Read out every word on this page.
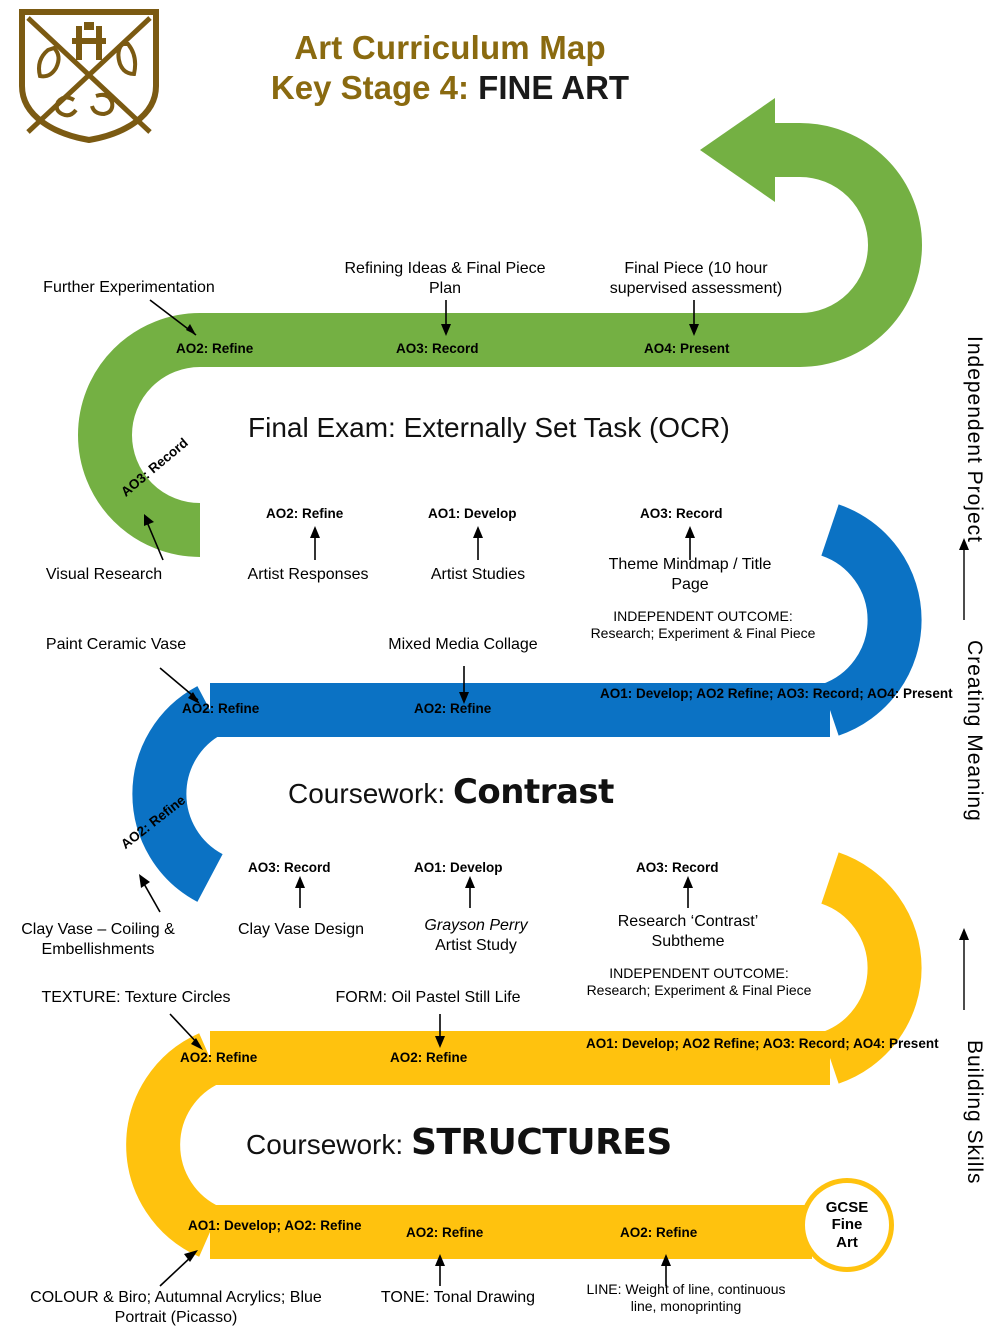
Art Curriculum Map
Key Stage 4: FINE ART
AO2: Refine	AO3: Record	AO4: Present
Further Experimentation
Refining Ideas & Final Piece Plan
Final Piece (10 hour supervised assessment)
Final Exam: Externally Set Task (OCR)
AO3: Record
Visual Research
AO2: Refine	AO1: Develop	AO3: Record
Artist Responses	Artist Studies
Theme Mindmap / Title Page
INDEPENDENT OUTCOME: Research; Experiment & Final Piece
Paint Ceramic Vase	Mixed Media Collage
AO2: Refine	AO2: Refine
AO1: Develop; AO2 Refine; AO3: Record; AO4: Present
Coursework: Contrast
AO2: Refine
Clay Vase – Coiling & Embellishments
AO3: Record	AO1: Develop	AO3: Record
Clay Vase Design	Grayson Perry
Artist Study
Research ‘Contrast’ Subtheme
INDEPENDENT OUTCOME: Research; Experiment & Final Piece
TEXTURE: Texture Circles	FORM: Oil Pastel Still Life
AO2: Refine	AO2: Refine
AO1: Develop; AO2 Refine; AO3: Record; AO4: Present
Coursework: STRUCTURES
AO1: Develop; AO2: Refine	AO2: Refine	AO2: Refine
COLOUR & Biro; Autumnal Acrylics; Blue Portrait (Picasso)
TONE: Tonal Drawing	LINE: Weight of line, continuous line, monoprinting
GCSE
Fine
Art
Independent Project
Creating Meaning
Building Skills
